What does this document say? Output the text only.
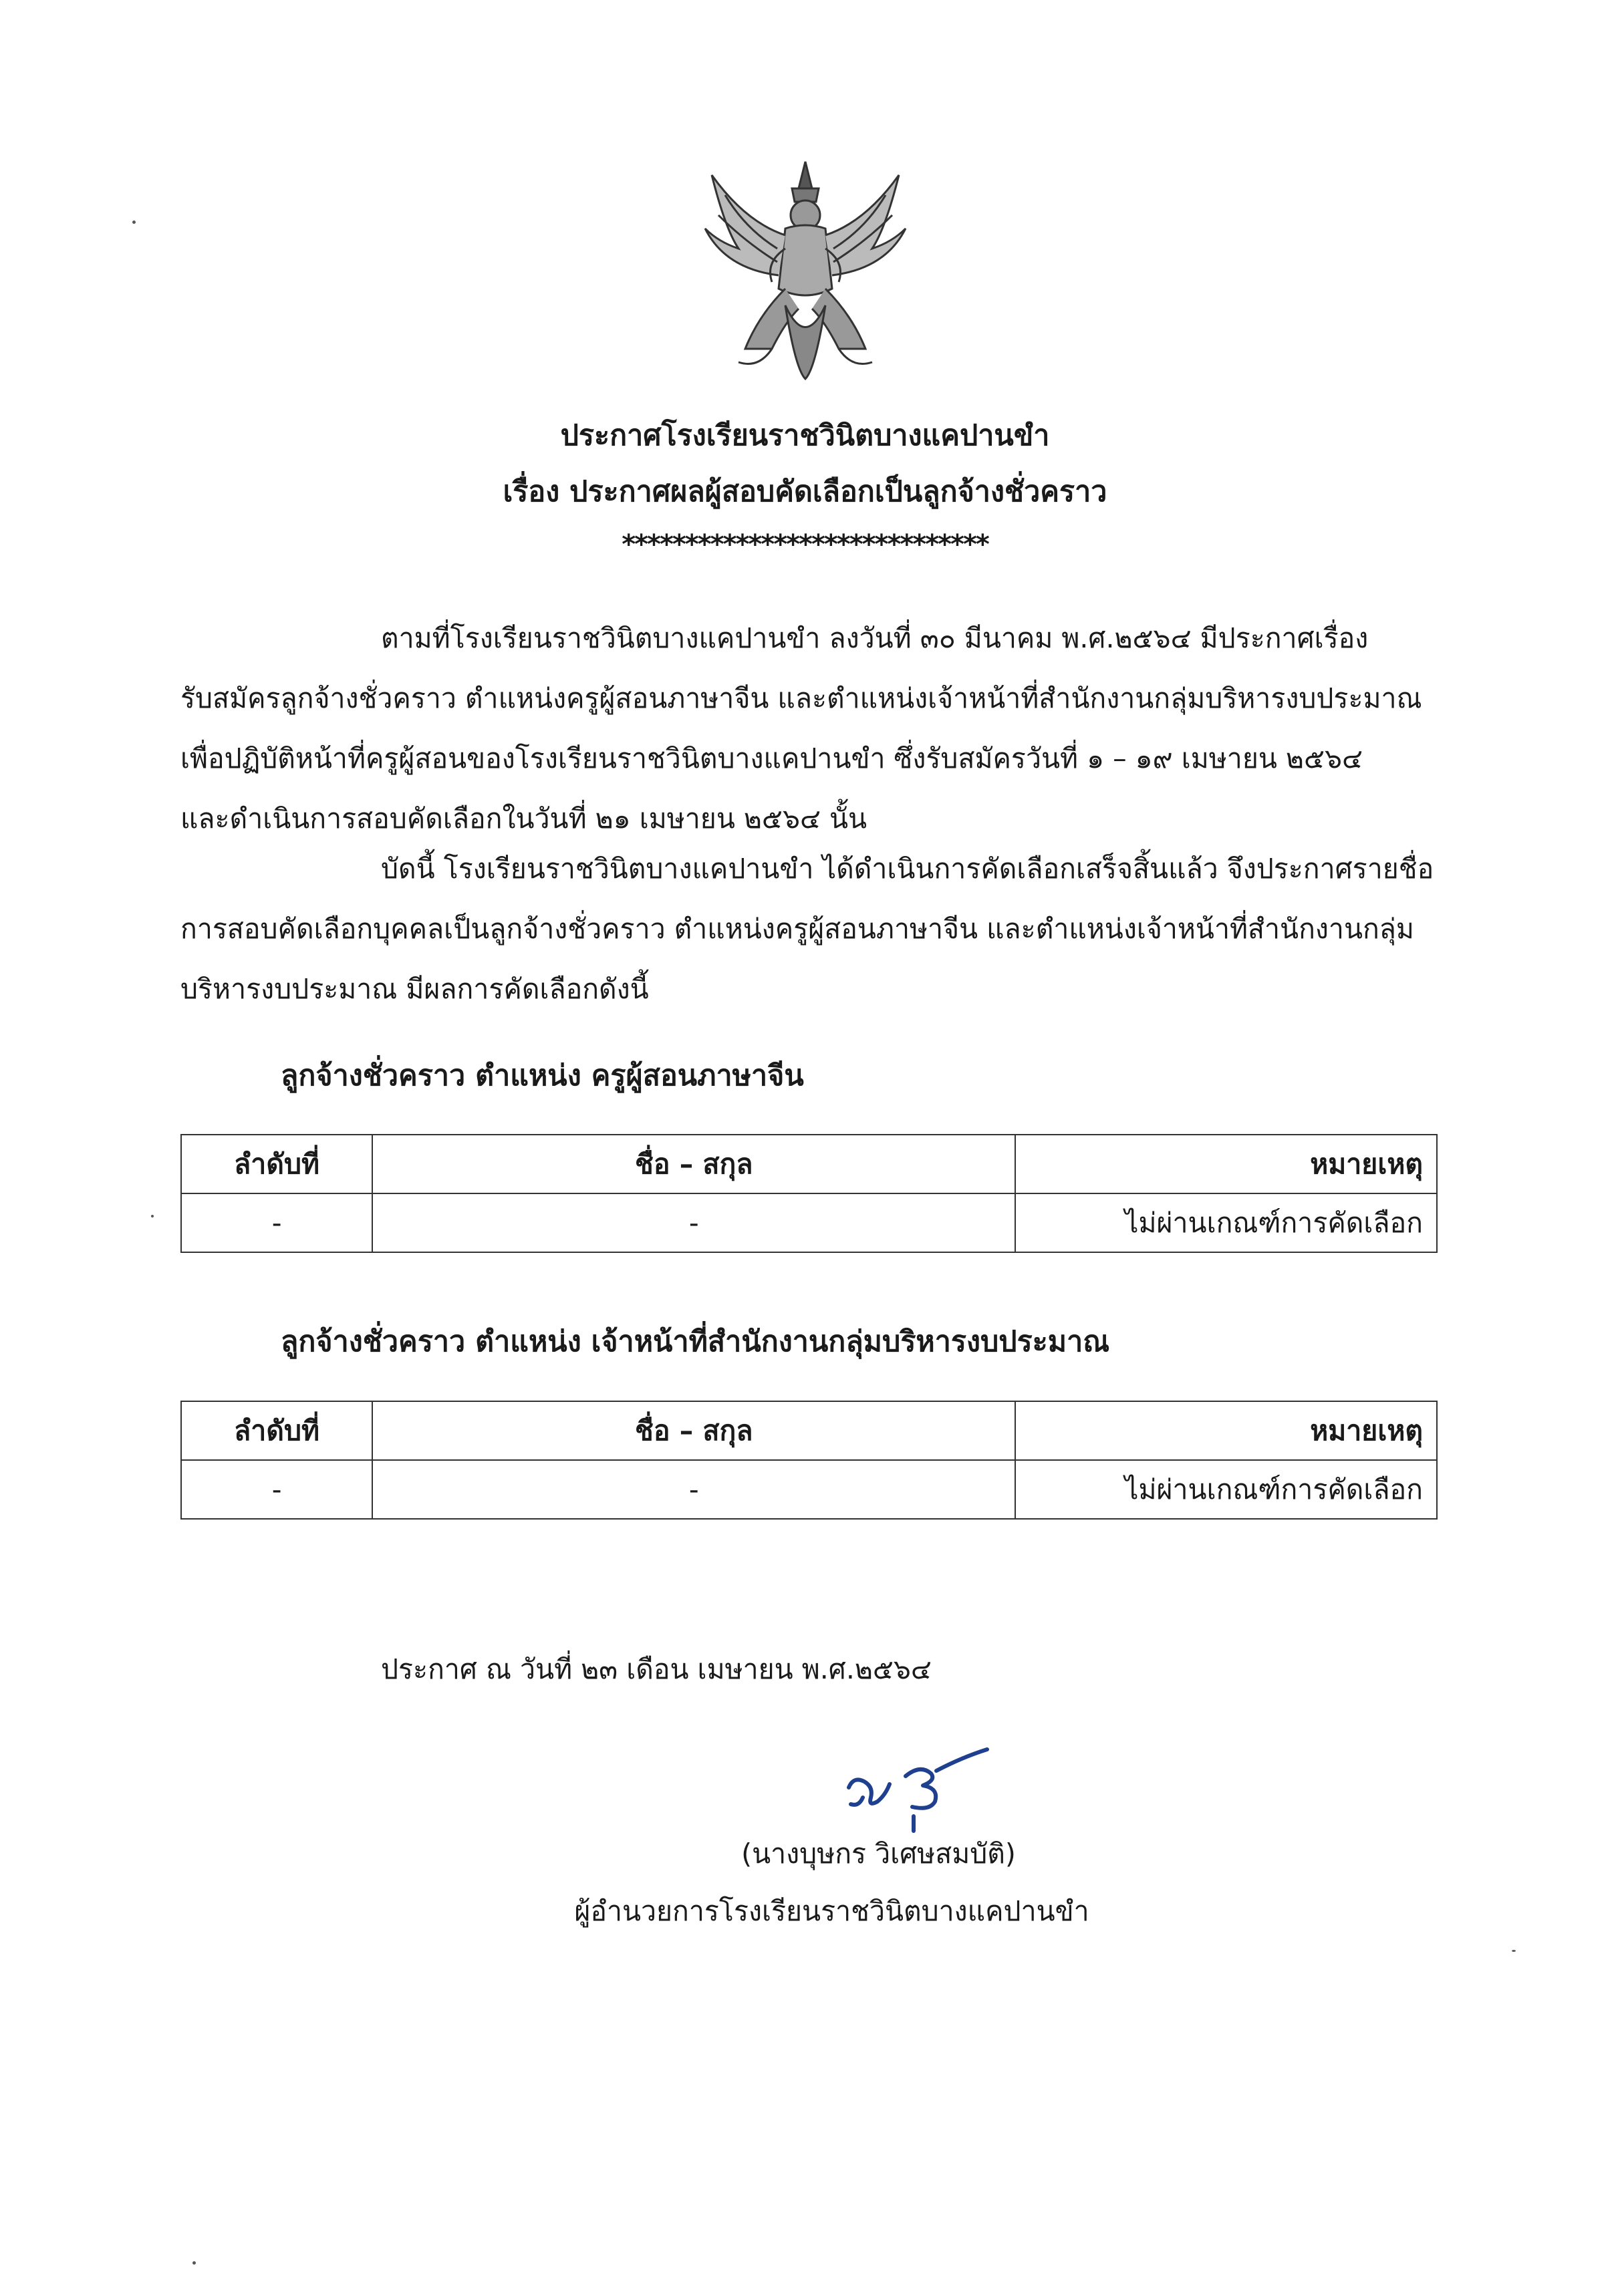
ประกาศโรงเรียนราชวินิตบางแคปานขำ
เรื่อง ประกาศผลผู้สอบคัดเลือกเป็นลูกจ้างชั่วคราว
*****************************
ตามที่โรงเรียนราชวินิตบางแคปานขำ ลงวันที่ ๓๐ มีนาคม พ.ศ.๒๕๖๔ มีประกาศเรื่อง
รับสมัครลูกจ้างชั่วคราว ตำแหน่งครูผู้สอนภาษาจีน และตำแหน่งเจ้าหน้าที่สำนักงานกลุ่มบริหารงบประมาณ
เพื่อปฏิบัติหน้าที่ครูผู้สอนของโรงเรียนราชวินิตบางแคปานขำ ซึ่งรับสมัครวันที่ ๑ – ๑๙ เมษายน ๒๕๖๔
และดำเนินการสอบคัดเลือกในวันที่ ๒๑ เมษายน ๒๕๖๔ นั้น
บัดนี้ โรงเรียนราชวินิตบางแคปานขำ ได้ดำเนินการคัดเลือกเสร็จสิ้นแล้ว จึงประกาศรายชื่อ
การสอบคัดเลือกบุคคลเป็นลูกจ้างชั่วคราว ตำแหน่งครูผู้สอนภาษาจีน และตำแหน่งเจ้าหน้าที่สำนักงานกลุ่ม
บริหารงบประมาณ มีผลการคัดเลือกดังนี้
ลูกจ้างชั่วคราว ตำแหน่ง ครูผู้สอนภาษาจีน
ลำดับที่	ชื่อ – สกุล	หมายเหตุ
-	-	ไม่ผ่านเกณฑ์การคัดเลือก
ลูกจ้างชั่วคราว ตำแหน่ง เจ้าหน้าที่สำนักงานกลุ่มบริหารงบประมาณ
ลำดับที่	ชื่อ – สกุล	หมายเหตุ
-	-	ไม่ผ่านเกณฑ์การคัดเลือก
ประกาศ ณ วันที่ ๒๓ เดือน เมษายน พ.ศ.๒๕๖๔
(นางบุษกร วิเศษสมบัติ)
ผู้อำนวยการโรงเรียนราชวินิตบางแคปานขำ
